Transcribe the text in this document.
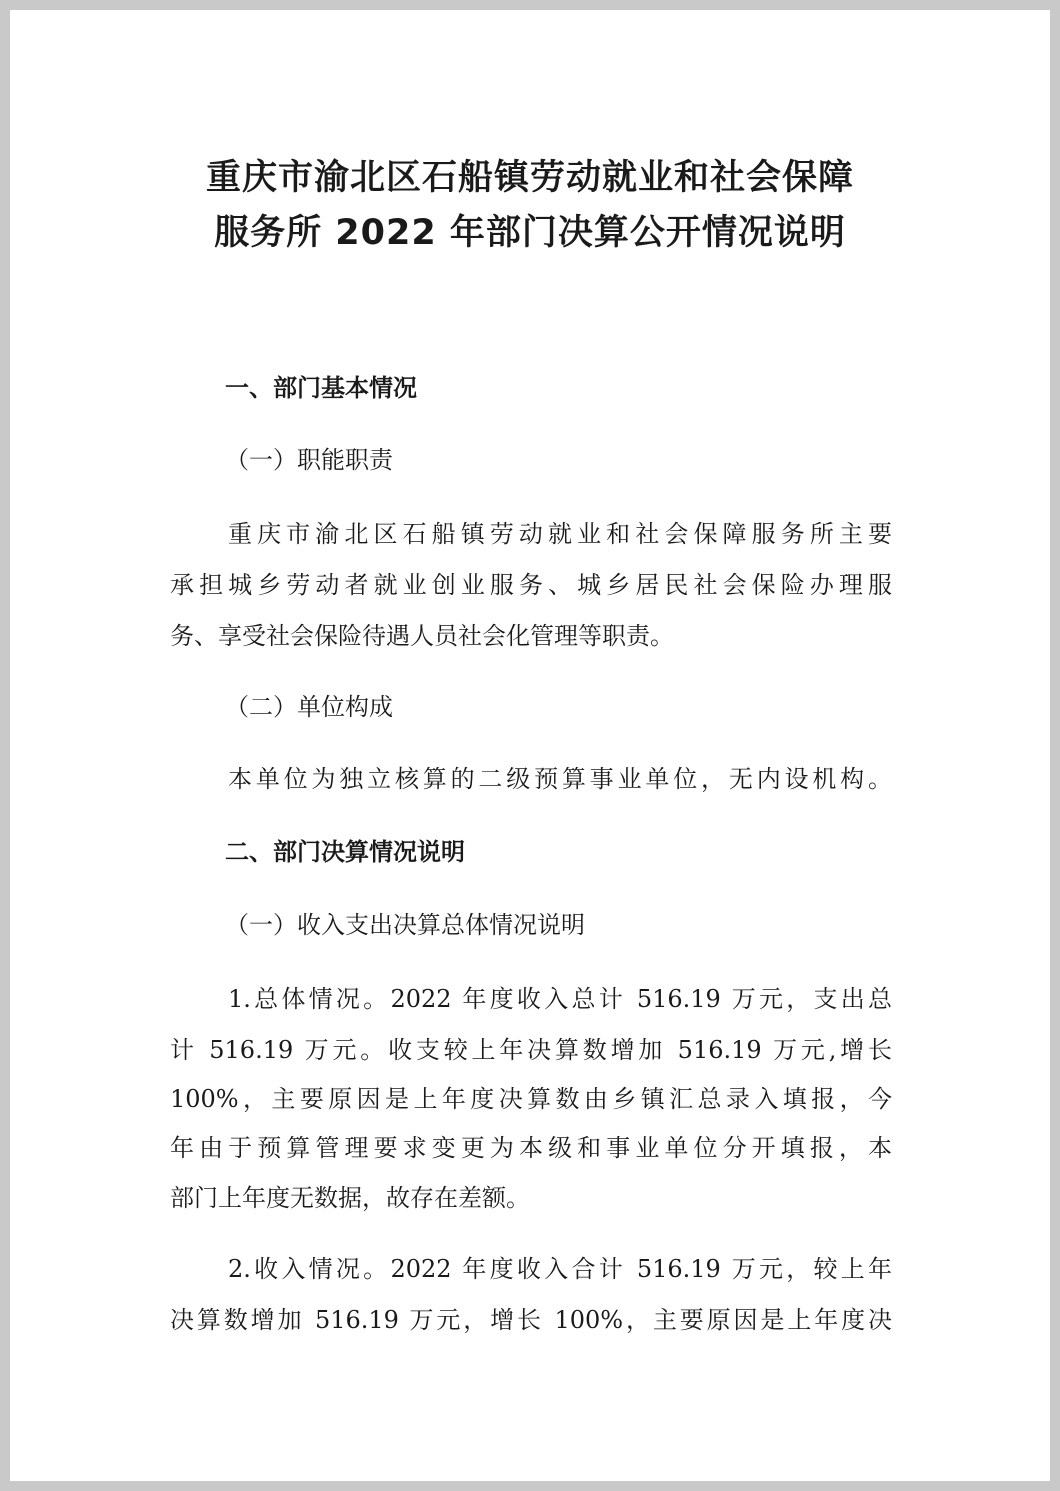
重庆市渝北区石船镇劳动就业和社会保障
服务所 2022 年部门决算公开情况说明
一、部门基本情况
（一）职能职责
重庆市渝北区石船镇劳动就业和社会保障服务所主要
承担城乡劳动者就业创业服务、城乡居民社会保险办理服
务、享受社会保险待遇人员社会化管理等职责。
（二）单位构成
本单位为独立核算的二级预算事业单位，无内设机构。
二、部门决算情况说明
（一）收入支出决算总体情况说明
1.总体情况。2022 年度收入总计 516.19 万元，支出总
计 516.19 万元。收支较上年决算数增加 516.19 万元,增长
100%，主要原因是上年度决算数由乡镇汇总录入填报，今
年由于预算管理要求变更为本级和事业单位分开填报，本
部门上年度无数据，故存在差额。
2.收入情况。2022 年度收入合计 516.19 万元，较上年
决算数增加 516.19 万元，增长 100%，主要原因是上年度决
